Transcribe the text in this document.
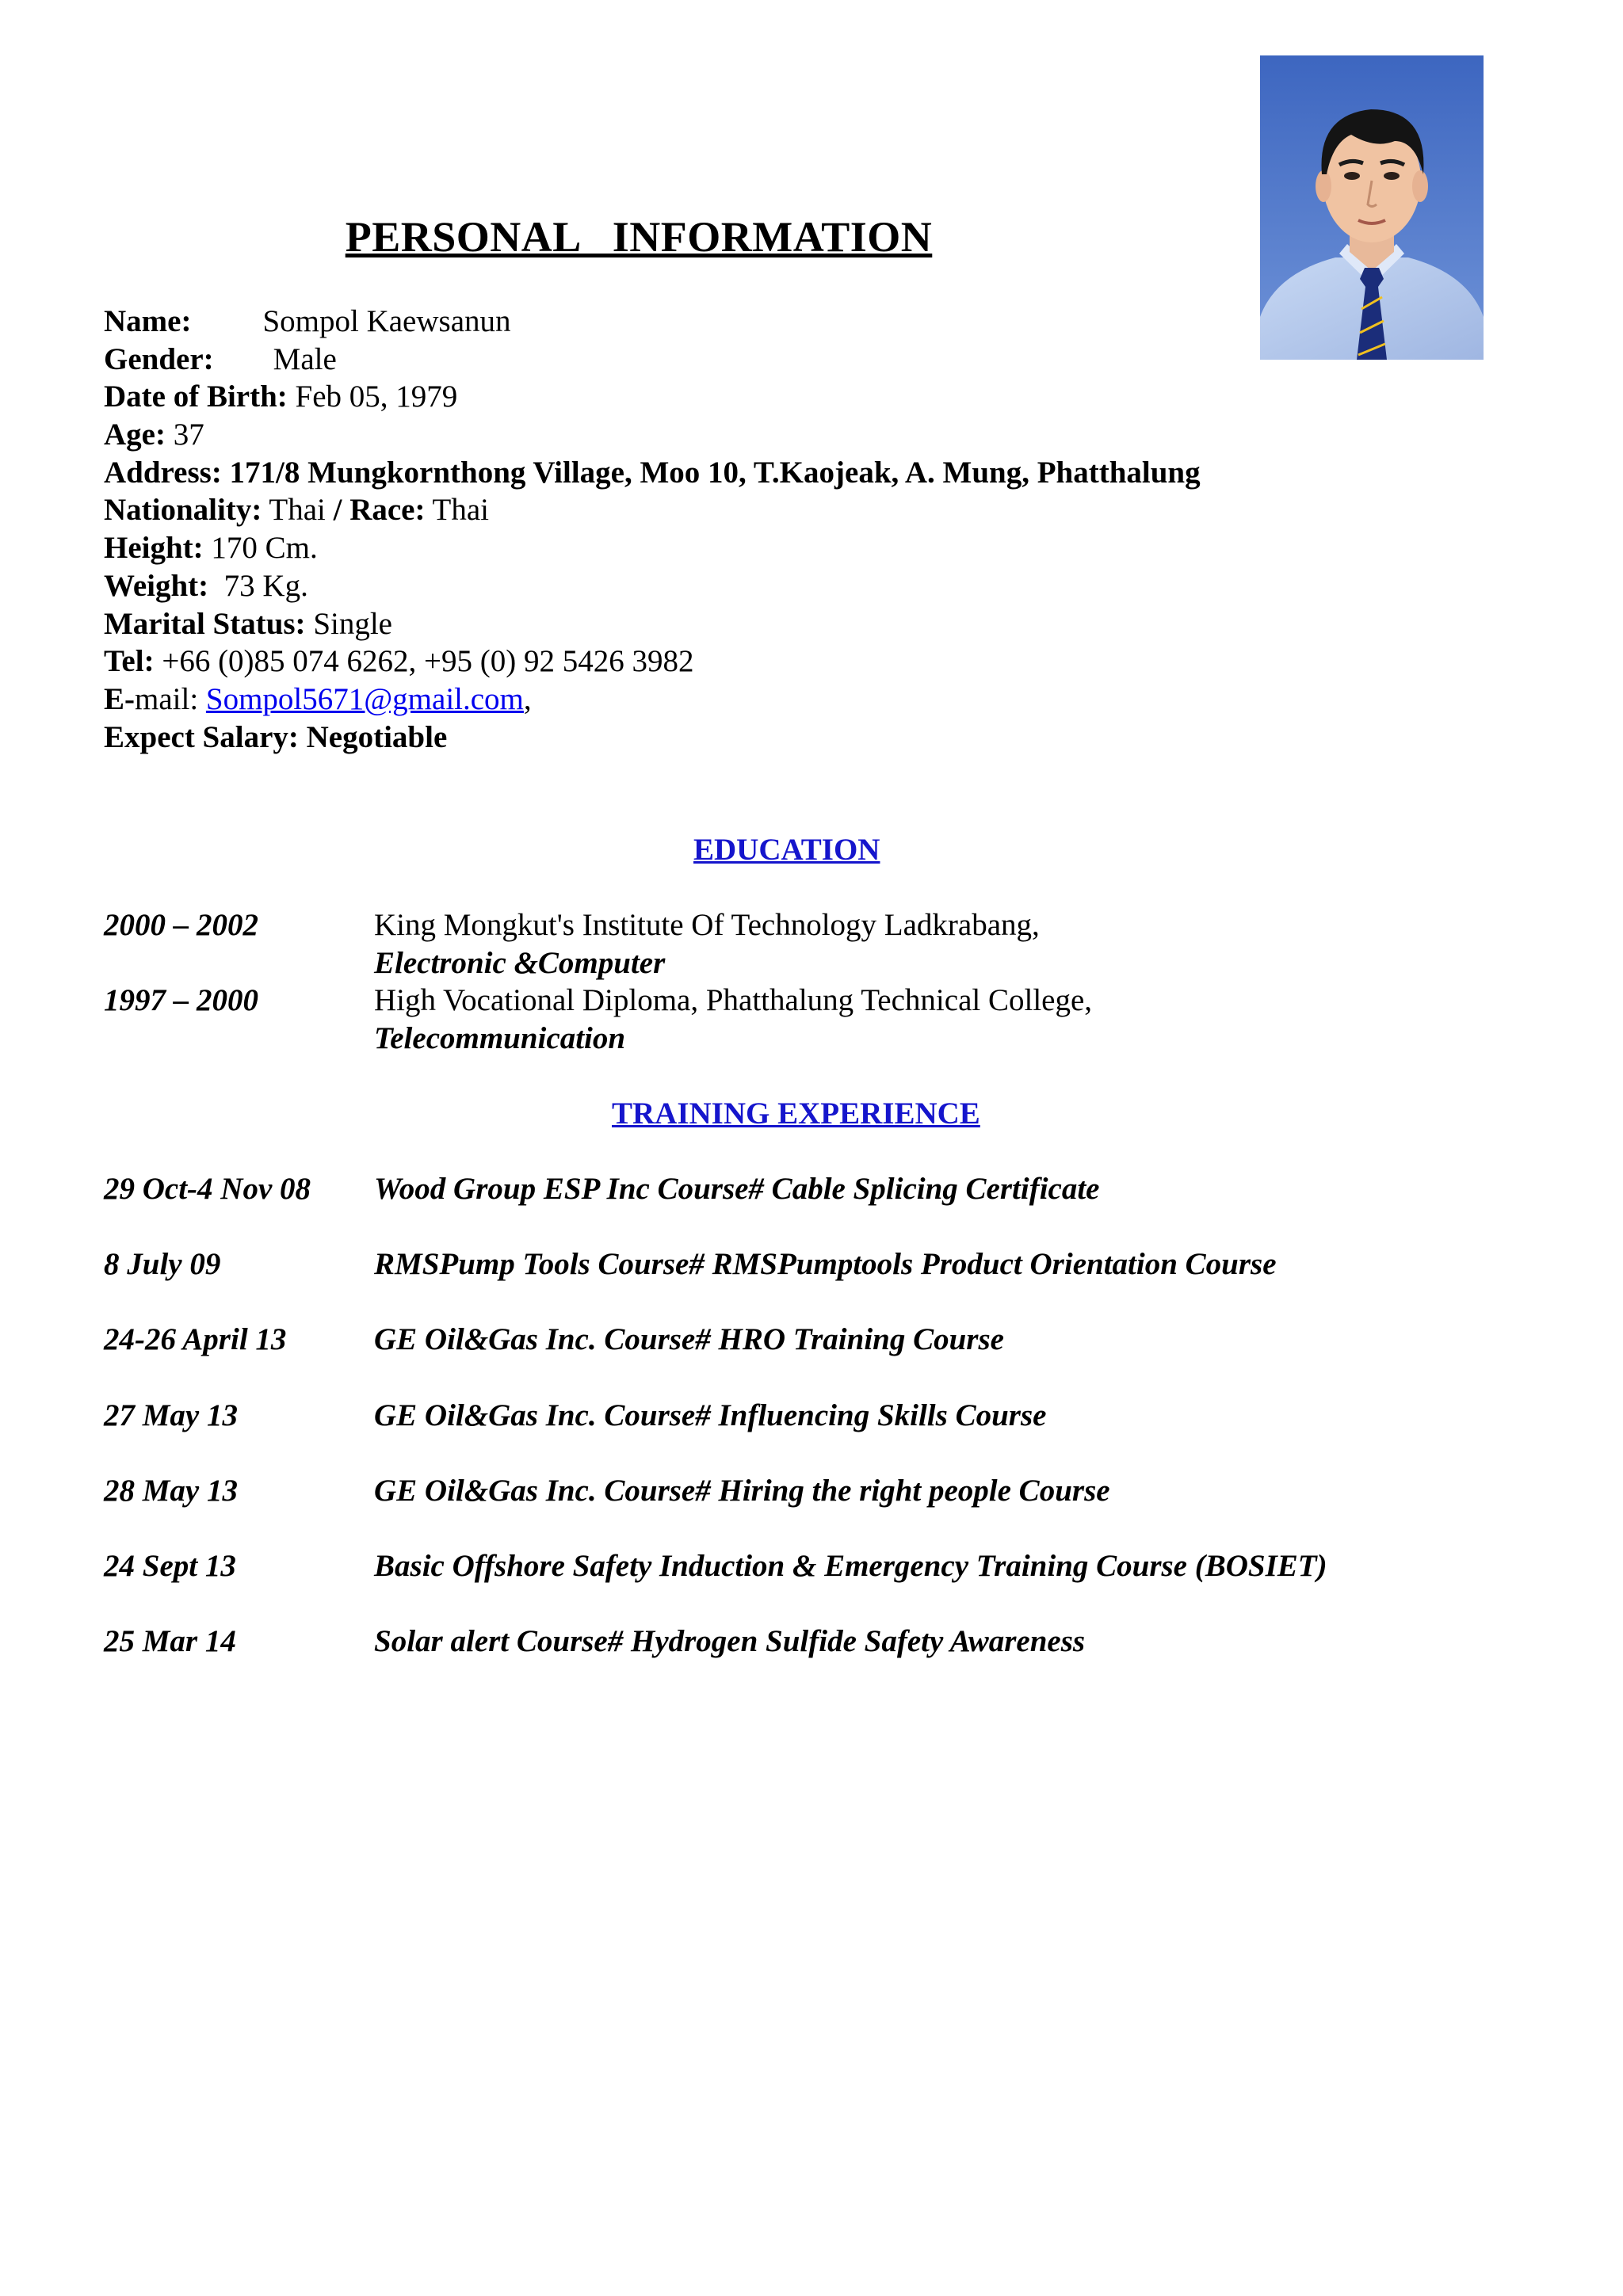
PERSONAL   INFORMATION
Name: Sompol Kaewsanun
Gender: Male
Date of Birth: Feb 05, 1979
Age: 37
Address: 171/8 Mungkornthong Village, Moo 10, T.Kaojeak, A. Mung, Phatthalung
Nationality: Thai / Race: Thai
Height: 170 Cm.
Weight:  73 Kg.
Marital Status: Single
Tel: +66 (0)85 074 6262, +95 (0) 92 5426 3982
E-mail: Sompol5671@gmail.com,
Expect Salary: Negotiable
EDUCATION
2000 – 2002	King Mongkut's Institute Of Technology Ladkrabang,
Electronic &Computer
1997 – 2000	High Vocational Diploma, Phatthalung Technical College,
Telecommunication
TRAINING EXPERIENCE
29 Oct-4 Nov 08 Wood Group ESP Inc Course# Cable Splicing Certificate
8 July 09	RMSPump Tools Course# RMSPumptools Product Orientation Course
24-26 April 13	GE Oil&Gas Inc. Course# HRO Training Course
27 May 13	GE Oil&Gas Inc. Course# Influencing Skills Course
28 May 13	GE Oil&Gas Inc. Course# Hiring the right people Course
24 Sept 13	Basic Offshore Safety Induction & Emergency Training Course (BOSIET)
25 Mar 14	Solar alert Course# Hydrogen Sulfide Safety Awareness
